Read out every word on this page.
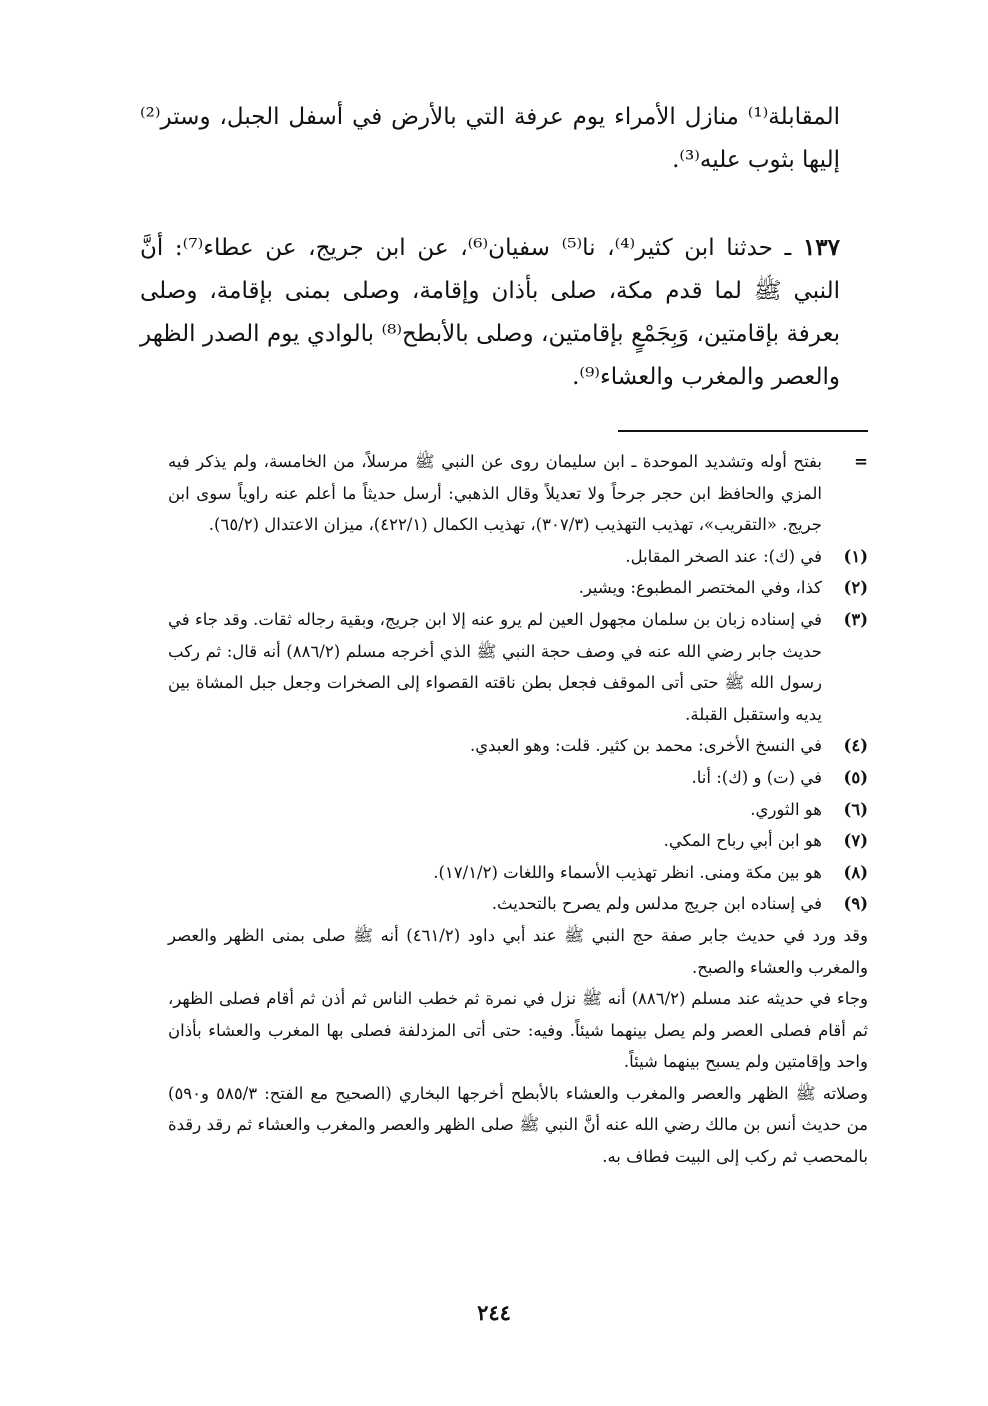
المقابلة⁽¹⁾ منازل الأمراء يوم عرفة التي بالأرض في أسفل الجبل، وستر⁽²⁾ إليها بثوب عليه⁽³⁾.

١٣٧ ـ حدثنا ابن كثير⁽⁴⁾، نا⁽⁵⁾ سفيان⁽⁶⁾، عن ابن جريج، عن عطاء⁽⁷⁾: أنَّ النبي ﷺ لما قدم مكة، صلى بأذان وإقامة، وصلى بمنى بإقامة، وصلى بعرفة بإقامتين، وَبِجَمْعٍ بإقامتين، وصلى بالأبطح⁽⁸⁾ بالوادي يوم الصدر الظهر والعصر والمغرب والعشاء⁽⁹⁾.

=
بفتح أوله وتشديد الموحدة ـ ابن سليمان روى عن النبي ﷺ مرسلاً، من الخامسة، ولم يذكر فيه المزي والحافظ ابن حجر جرحاً ولا تعديلاً وقال الذهبي: أرسل حديثاً ما أعلم عنه راوياً سوى ابن جريج. «التقريب»، تهذيب التهذيب (٣٠٧/٣)، تهذيب الكمال (٤٢٢/١)، ميزان الاعتدال (٦٥/٢).
(١)
في (ك): عند الصخر المقابل.
(٢)
كذا، وفي المختصر المطبوع: ويشير.
(٣)
في إسناده زبان بن سلمان مجهول العين لم يرو عنه إلا ابن جريج، وبقية رجاله ثقات. وقد جاء في حديث جابر رضي الله عنه في وصف حجة النبي ﷺ الذي أخرجه مسلم (٨٨٦/٢) أنه قال: ثم ركب رسول الله ﷺ حتى أتى الموقف فجعل بطن ناقته القصواء إلى الصخرات وجعل جبل المشاة بين يديه واستقبل القبلة.
(٤)
في النسخ الأخرى: محمد بن كثير. قلت: وهو العبدي.
(٥)
في (ت) و (ك): أنا.
(٦)
هو الثوري.
(٧)
هو ابن أبي رباح المكي.
(٨)
هو بين مكة ومنى. انظر تهذيب الأسماء واللغات (١٧/١/٢).
(٩)
في إسناده ابن جريج مدلس ولم يصرح بالتحديث.
وقد ورد في حديث جابر صفة حج النبي ﷺ عند أبي داود (٤٦١/٢) أنه ﷺ صلى بمنى الظهر والعصر والمغرب والعشاء والصبح.
وجاء في حديثه عند مسلم (٨٨٦/٢) أنه ﷺ نزل في نمرة ثم خطب الناس ثم أذن ثم أقام فصلى الظهر، ثم أقام فصلى العصر ولم يصل بينهما شيئاً. وفيه: حتى أتى المزدلفة فصلى بها المغرب والعشاء بأذان واحد وإقامتين ولم يسبح بينهما شيئاً.
وصلاته ﷺ الظهر والعصر والمغرب والعشاء بالأبطح أخرجها البخاري (الصحيح مع الفتح: ٥٨٥/٣ و٥٩٠) من حديث أنس بن مالك رضي الله عنه أنَّ النبي ﷺ صلى الظهر والعصر والمغرب والعشاء ثم رقد رقدة بالمحصب ثم ركب إلى البيت فطاف به.
٢٤٤
